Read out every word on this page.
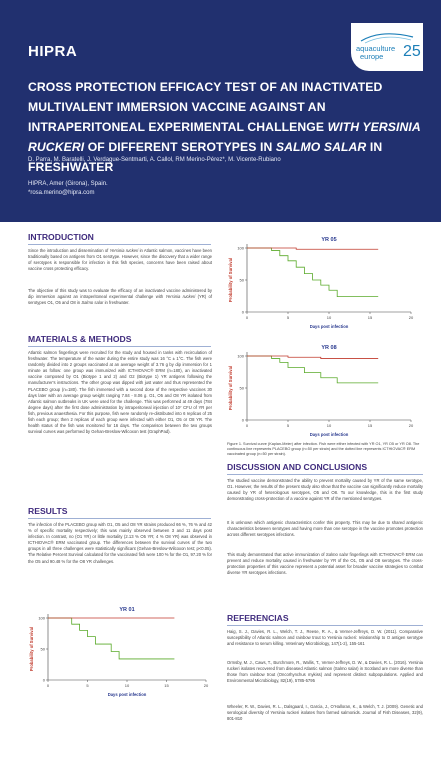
HIPRA	aquaculture
europe 25
CROSS PROTECTION EFFICACY TEST OF AN INACTIVATED MULTIVALENT IMMERSION VACCINE AGAINST AN INTRAPERITONEAL EXPERIMENTAL CHALLENGE WITH YERSINIA RUCKERI OF DIFFERENT SEROTYPES IN SALMO SALAR IN FRESHWATER
D. Parra, M. Baratelli, J. Verdague-Sentmarti, A. Callol, RM Merino-Pérez*, M. Vicente-Rubiano
HIPRA, Amer (Girona), Spain.
*rosa.merino@hipra.com
INTRODUCTION
Since the introduction and dissemination of Yersinia ruckeri in Atlantic salmon, vaccines have been traditionally based on antigens from O1 serotype. However, since the discovery that a wider range of serotypes is responsible for infection in this fish species, concerns have been raised about vaccine cross protecting efficacy.
The objective of this study was to evaluate the efficacy of an inactivated vaccine administered by dip immersion against an intraperitoneal experimental challenge with Yersinia ruckeri (YR) of serotypes O1, O5 and O8 in Salmo salar in freshwater.
MATERIALS & METHODS
Atlantic salmon fingerlings were recruited for the study and housed in tanks with recirculation of freshwater. The temperature of the water during the entire study was 16 °C ± 1°C. The fish were randomly divided into 2 groups vaccinated at an average weight of 3.76 g by dip immersion for 1 minute as follow: one group was immunized with ICTHIOVAC® ERM (n=180), an inactivated vaccine composed by O1 (Biotype 1 and 2) and O2 (Biotype 1) YR antigens following the manufacturer's instructions. The other group was dipped with just water and thus represented the PLACEBO group (n=180). The fish immersed with a second dose of the respective vaccines 30 days later with an average group weight ranging 7.84 - 8.06 g. O1, O5 and O8 YR isolated from Atlantic salmon outbreaks in UK were used for the challenge. This was performed at 49 days (784 degree days) after the first dose administration by intraperitoneal injection of 10⁷ CFU of YR per fish, previous anaesthesia. For this purpose, fish were randomly re-distributed into 6 replicas of 25 fish each group; then 2 replicas of each group were infected with either O1, O5 or O8 YR. The health status of the fish was monitored for 16 days. The comparison between the two groups survival curves was performed by Gehan-Breslow-Wilcoxon test (GraphPad).
RESULTS
The infection of the PLACEBO group with O1, O5 and O8 YR strains produced 66 %, 76 % and 42 % of specific mortality respectively; this was mainly observed between 3 and 11 days post infection. In contrast, no (O1 YR) or little mortality (2.13 % O5 YR; 4 % O8 YR) was observed in ICTHIOVAC® ERM vaccinated group. The differences between the survival curves of the two groups in all three challenges were statistically significant (Gehan-Breslow-Wilcoxon test; p<0.05). The Relative Percent Survival calculated for the vaccinated fish were 100 % for the O1, 97.20 % for the O5 and 90.48 % for the O8 YR challenges.
YR 05
0
50
100
0	5	10	15	20
Days post infection
Probability of Survival
YR 08
0
50
100
0	5	10	15	20
Days post infection
Probability of Survival
YR 01
0
50
100
0	5	10	15	20
Days post infection
Probability of Survival
Figure 1. Survival curve (Kaplan-Meier) after infection. Fish were either infected with YR O1, YR O5 or YR O8. The continuous line represents PLACEBO group (n=50 per strain) and the dotted line represents ICTHIOVAC® ERM vaccinated group (n=50 per strain).
DISCUSSION AND CONCLUSIONS
The studied vaccine demonstrated the ability to prevent mortality caused by YR of the same serotype, O1. However, the results of the present study also show that the vaccine can significantly reduce mortality caused by YR of heterologous serotypes, O5 and O8. To our knowledge, this is the first study demonstrating cross-protection of a vaccine against YR of the mentioned serotypes.
It is unknown which antigenic characteristics confer this property. This may be due to shared antigenic characteristics between serotypes and having more than one serotype in the vaccine promotes protection across different serotypes infections.
This study demonstrated that active immunization of Salmo salar fingerlings with ICTHIOVAC® ERM can prevent and reduce mortality caused in freshwater by YR of the O1, O5 and O8 serotypes. The cross-protection properties of this vaccine represent a potential asset for broader vaccine strategies to combat diverse YR serotypes infections.
REFERENCIAS
Haig, S. J., Davies, R. L., Welch, T. J., Reese, R. A., & Verner-Jeffreys, D. W. (2011). Comparative susceptibility of Atlantic salmon and rainbow trout to Yersinia ruckeri: relationship to O antigen serotype and resistance to serum killing. Veterinary Microbiology, 147(1-2), 155-161
Ormsby, M. J., Caws, T., Burchmore, R., Wallis, T., Verner-Jeffreys, D. W., & Davies, R. L. (2016). Yersinia ruckeri isolates recovered from diseased Atlantic salmon (Salmo salar) in Scotland are more diverse than those from rainbow trout (Oncorhynchus mykiss) and represent distinct subpopulations. Applied and Environmental Microbiology, 82(19), 5785-5795
Wheeler, R. W., Davies, R. L., Dalsgaard, I., Garcia, J., O'Halloran, K., & Welch, T. J. (2009). Genetic and serological diversity of Yersinia ruckeri isolates from farmed salmonids. Journal of Fish Diseases, 32(9), 801-810
